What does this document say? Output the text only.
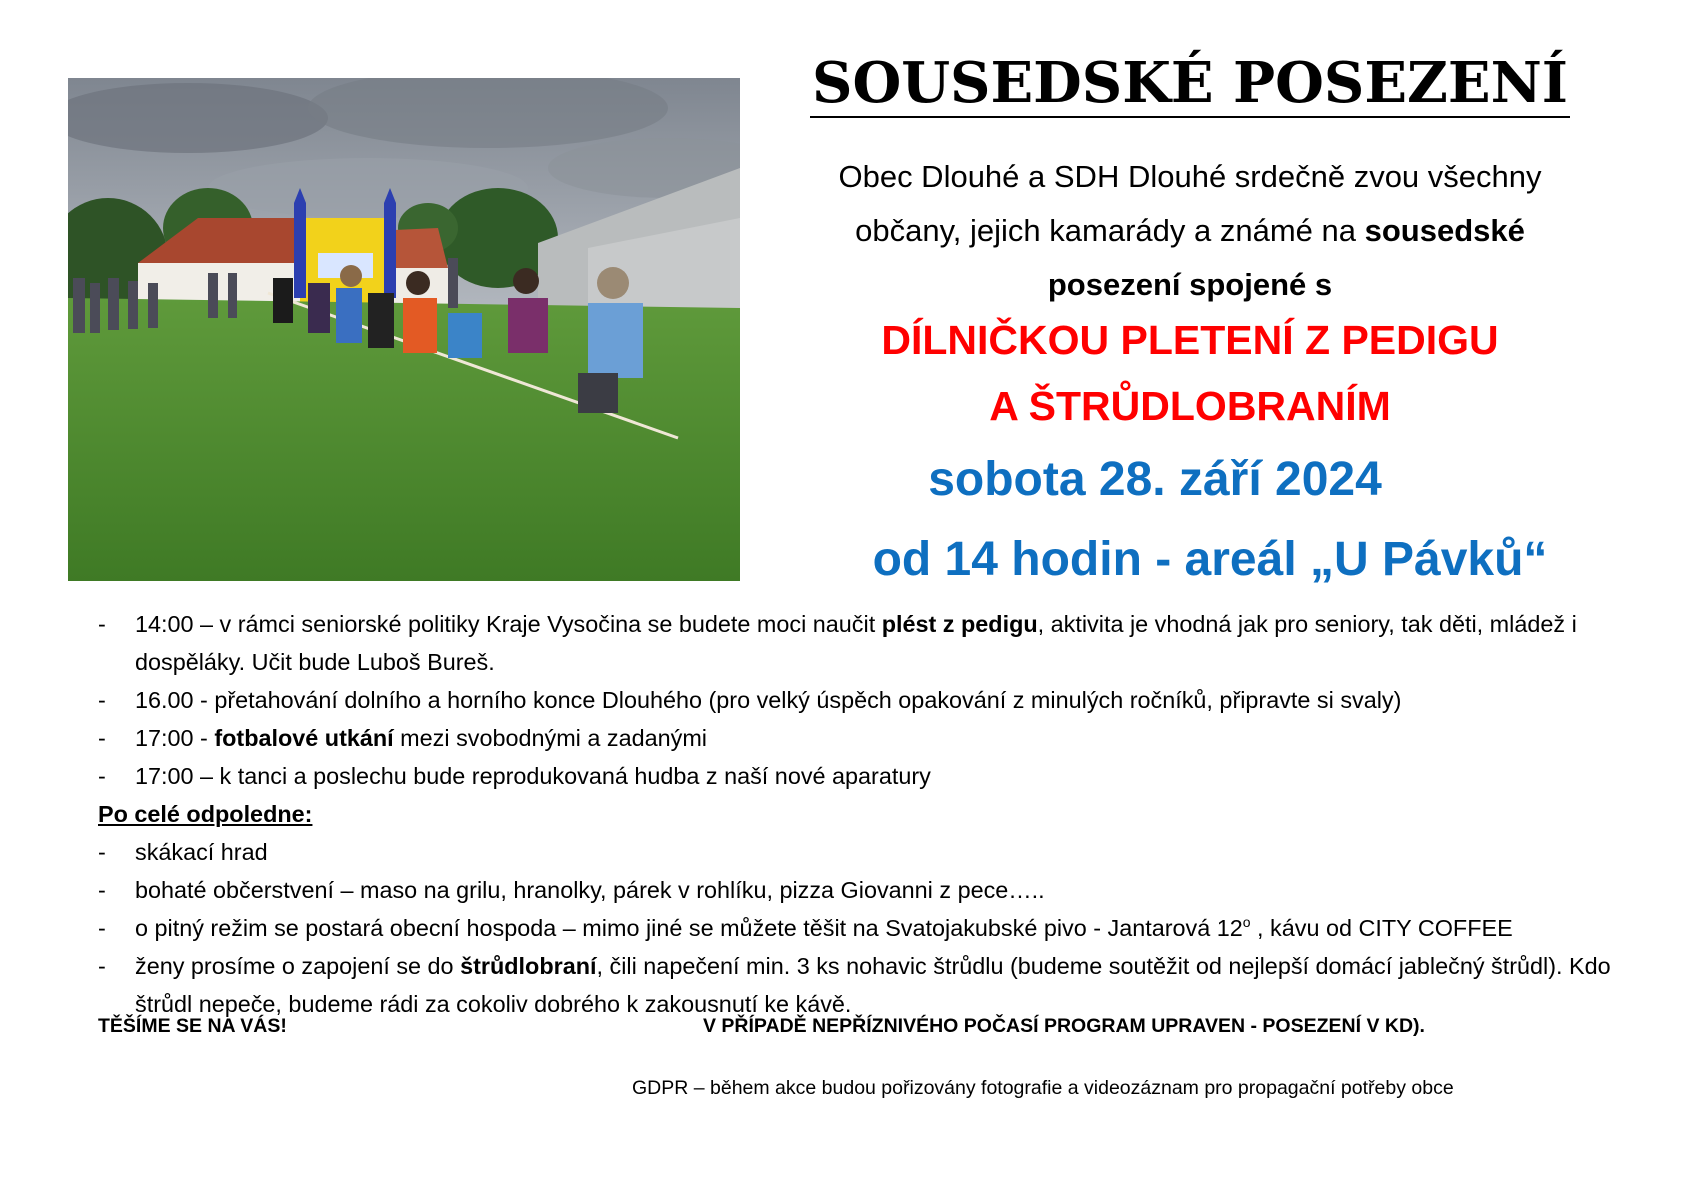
SOUSEDSKÉ POSEZENÍ

Obec Dlouhé a SDH Dlouhé srdečně zvou všechny
občany, jejich kamarády a známé na sousedské
posezení spojené s

DÍLNIČKOU PLETENÍ Z PEDIGU
A ŠTRŮDLOBRANÍM

sobota 28. září 2024

od 14 hodin - areál „U Pávků“

- 14:00 – v rámci seniorské politiky Kraje Vysočina se budete moci naučit plést z pedigu, aktivita je vhodná jak pro seniory, tak děti, mládež i dospěláky. Učit bude Luboš Bureš.
- 16.00 - přetahování dolního a horního konce Dlouhého (pro velký úspěch opakování z minulých ročníků, připravte si svaly)
- 17:00 - fotbalové utkání mezi svobodnými a zadanými
- 17:00 – k tanci a poslechu bude reprodukovaná hudba z naší nové aparatury
Po celé odpoledne:
- skákací hrad
- bohaté občerstvení – maso na grilu, hranolky, párek v rohlíku, pizza Giovanni z pece…..
- o pitný režim se postará obecní hospoda – mimo jiné se můžete těšit na Svatojakubské pivo - Jantarová 12$^o$ , kávu od CITY COFFEE
- ženy prosíme o zapojení se do štrůdlobraní, čili napečení min. 3 ks nohavic štrůdlu (budeme soutěžit od nejlepší domácí jablečný štrůdl). Kdo štrůdl nepeče, budeme rádi za cokoliv dobrého k zakousnutí ke kávě.
TĚŠÍME SE NA VÁS!	V PŘÍPADĚ NEPŘÍZNIVÉHO POČASÍ PROGRAM UPRAVEN - POSEZENÍ V KD).
GDPR – během akce budou pořizovány fotografie a videozáznam pro propagační potřeby obce
